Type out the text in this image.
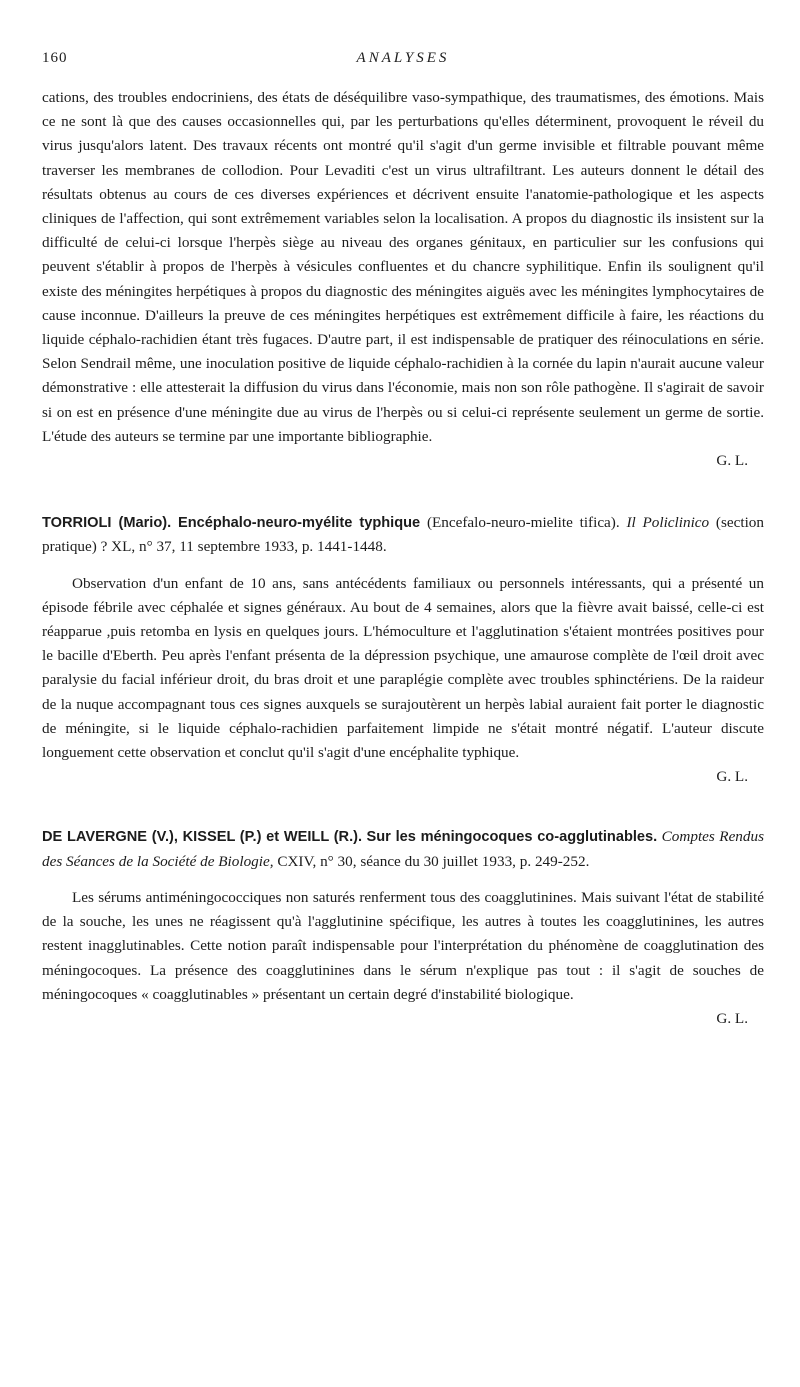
160	ANALYSES

cations, des troubles endocriniens, des états de déséquilibre vaso-sympathique, des traumatismes, des émotions. Mais ce ne sont là que des causes occasionnelles qui, par les perturbations qu'elles déterminent, provoquent le réveil du virus jusqu'alors latent. Des travaux récents ont montré qu'il s'agit d'un germe invisible et filtrable pouvant même traverser les membranes de collodion. Pour Levaditi c'est un virus ultrafiltrant. Les auteurs donnent le détail des résultats obtenus au cours de ces diverses expériences et décrivent ensuite l'anatomie-pathologique et les aspects cliniques de l'affection, qui sont extrêmement variables selon la localisation. A propos du diagnostic ils insistent sur la difficulté de celui-ci lorsque l'herpès siège au niveau des organes génitaux, en particulier sur les confusions qui peuvent s'établir à propos de l'herpès à vésicules confluentes et du chancre syphilitique. Enfin ils soulignent qu'il existe des méningites herpétiques à propos du diagnostic des méningites aiguës avec les méningites lymphocytaires de cause inconnue. D'ailleurs la preuve de ces méningites herpétiques est extrêmement difficile à faire, les réactions du liquide céphalo-rachidien étant très fugaces. D'autre part, il est indispensable de pratiquer des réinoculations en série. Selon Sendrail même, une inoculation positive de liquide céphalo-rachidien à la cornée du lapin n'aurait aucune valeur démonstrative : elle attesterait la diffusion du virus dans l'économie, mais non son rôle pathogène. Il s'agirait de savoir si on est en présence d'une méningite due au virus de l'herpès ou si celui-ci représente seulement un germe de sortie. L'étude des auteurs se termine par une importante bibliographie.

G. L.

TORRIOLI (Mario). Encéphalo-neuro-myélite typhique (Encefalo-neuro-mielite tifica). Il Policlinico (section pratique) ? XL, n° 37, 11 septembre 1933, p. 1441-1448.

Observation d'un enfant de 10 ans, sans antécédents familiaux ou personnels intéressants, qui a présenté un épisode fébrile avec céphalée et signes généraux. Au bout de 4 semaines, alors que la fièvre avait baissé, celle-ci est réapparue ,puis retomba en lysis en quelques jours. L'hémoculture et l'agglutination s'étaient montrées positives pour le bacille d'Eberth. Peu après l'enfant présenta de la dépression psychique, une amaurose complète de l'œil droit avec paralysie du facial inférieur droit, du bras droit et une paraplégie complète avec troubles sphinctériens. De la raideur de la nuque accompagnant tous ces signes auxquels se surajoutèrent un herpès labial auraient fait porter le diagnostic de méningite, si le liquide céphalo-rachidien parfaitement limpide ne s'était montré négatif. L'auteur discute longuement cette observation et conclut qu'il s'agit d'une encéphalite typhique.

G. L.

DE LAVERGNE (V.), KISSEL (P.) et WEILL (R.). Sur les méningocoques co-agglutinables. Comptes Rendus des Séances de la Société de Biologie, CXIV, n° 30, séance du 30 juillet 1933, p. 249-252.

Les sérums antiméningococciques non saturés renferment tous des coagglutinines. Mais suivant l'état de stabilité de la souche, les unes ne réagissent qu'à l'agglutinine spécifique, les autres à toutes les coagglutinines, les autres restent inagglutinables. Cette notion paraît indispensable pour l'interprétation du phénomène de coagglutination des méningocoques. La présence des coagglutinines dans le sérum n'explique pas tout : il s'agit de souches de méningocoques « coagglutinables » présentant un certain degré d'instabilité biologique.

G. L.
